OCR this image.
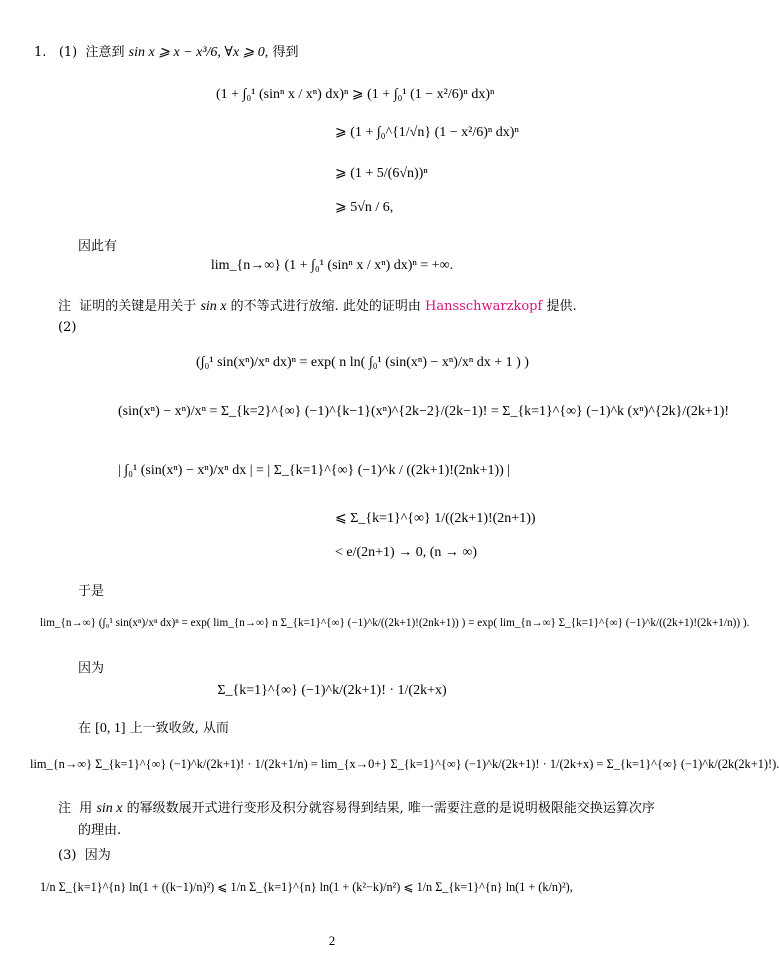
1. (1) 注意到 sin x ⩾ x − x³/6, ∀x ⩾ 0, 得到
(1 + ∫₀¹ (sinⁿ x / xⁿ) dx)ⁿ ⩾ (1 + ∫₀¹ (1 − x²/6)ⁿ dx)ⁿ
⩾ (1 + ∫₀^{1/√n} (1 − x²/6)ⁿ dx)ⁿ
⩾ (1 + 5/(6√n))ⁿ
⩾ 5√n / 6,
因此有
lim_{n→∞} (1 + ∫₀¹ (sinⁿ x / xⁿ) dx)ⁿ = +∞.
注 证明的关键是用关于 sin x 的不等式进行放缩. 此处的证明由 Hansschwarzkopf 提供.
(2)
(∫₀¹ sin(xⁿ)/xⁿ dx)ⁿ = exp( n ln( ∫₀¹ (sin(xⁿ) − xⁿ)/xⁿ dx + 1 ) )
(sin(xⁿ) − xⁿ)/xⁿ = Σ_{k=2}^{∞} (−1)^{k−1}(xⁿ)^{2k−2}/(2k−1)! = Σ_{k=1}^{∞} (−1)^k (xⁿ)^{2k}/(2k+1)!
| ∫₀¹ (sin(xⁿ) − xⁿ)/xⁿ dx | = | Σ_{k=1}^{∞} (−1)^k / ((2k+1)!(2nk+1)) |
⩽ Σ_{k=1}^{∞} 1/((2k+1)!(2n+1))
< e/(2n+1) → 0, (n → ∞)
于是
lim_{n→∞} (∫₀¹ sin(xⁿ)/xⁿ dx)ⁿ = exp( lim_{n→∞} n Σ_{k=1}^{∞} (−1)^k/((2k+1)!(2nk+1)) ) = exp( lim_{n→∞} Σ_{k=1}^{∞} (−1)^k/((2k+1)!(2k+1/n)) ).
因为
Σ_{k=1}^{∞} (−1)^k/(2k+1)! · 1/(2k+x)
在 [0, 1] 上一致收敛, 从而
lim_{n→∞} Σ_{k=1}^{∞} (−1)^k/(2k+1)! · 1/(2k+1/n) = lim_{x→0+} Σ_{k=1}^{∞} (−1)^k/(2k+1)! · 1/(2k+x) = Σ_{k=1}^{∞} (−1)^k/(2k(2k+1)!).
注 用 sin x 的幂级数展开式进行变形及积分就容易得到结果, 唯一需要注意的是说明极限能交换运算次序
的理由.
(3) 因为
1/n Σ_{k=1}^{n} ln(1 + ((k−1)/n)²) ⩽ 1/n Σ_{k=1}^{n} ln(1 + (k²−k)/n²) ⩽ 1/n Σ_{k=1}^{n} ln(1 + (k/n)²),
2
